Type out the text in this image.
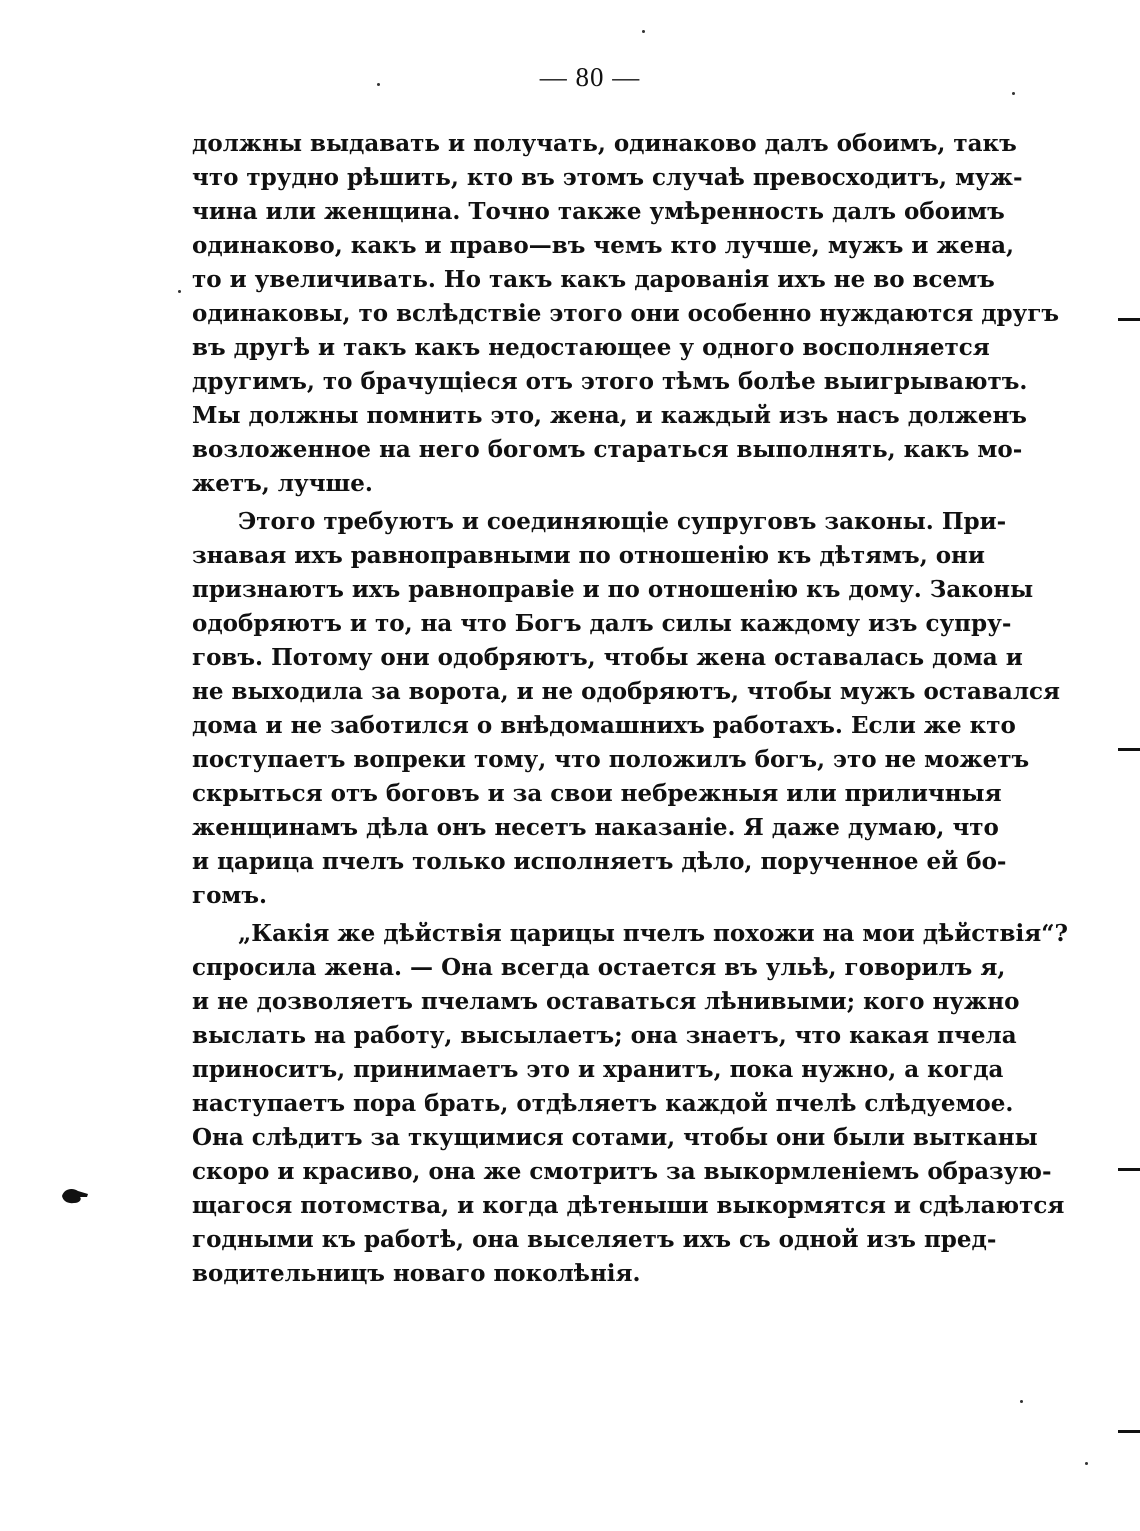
— 80 —
должны выдавать и получать, одинаково далъ обоимъ, такъ
что трудно рѣшить, кто въ этомъ случаѣ превосходитъ, муж-
чина или женщина. Точно также умѣренность далъ обоимъ
одинаково, какъ и право—въ чемъ кто лучше, мужъ и жена,
то и увеличивать. Но такъ какъ дарованія ихъ не во всемъ
одинаковы, то вслѣдствіе этого они особенно нуждаются другъ
въ другѣ и такъ какъ недостающее у одного восполняется
другимъ, то брачущіеся отъ этого тѣмъ болѣе выигрываютъ.
Мы должны помнить это, жена, и каждый изъ насъ долженъ
возложенное на него богомъ стараться выполнять, какъ мо-
жетъ, лучше.
Этого требуютъ и соединяющіе супруговъ законы. При-
знавая ихъ равноправными по отношенію къ дѣтямъ, они
признаютъ ихъ равноправіе и по отношенію къ дому. Законы
одобряютъ и то, на что Богъ далъ силы каждому изъ супру-
говъ. Потому они одобряютъ, чтобы жена оставалась дома и
не выходила за ворота, и не одобряютъ, чтобы мужъ оставался
дома и не заботился о внѣдомашнихъ работахъ. Если же кто
поступаетъ вопреки тому, что положилъ богъ, это не можетъ
скрыться отъ боговъ и за свои небрежныя или приличныя
женщинамъ дѣла онъ несетъ наказаніе. Я даже думаю, что
и царица пчелъ только исполняетъ дѣло, порученное ей бо-
гомъ.
„Какія же дѣйствія царицы пчелъ похожи на мои дѣйствія“?
спросила жена. — Она всегда остается въ ульѣ, говорилъ я,
и не дозволяетъ пчеламъ оставаться лѣнивыми; кого нужно
выслать на работу, высылаетъ; она знаетъ, что какая пчела
приноситъ, принимаетъ это и хранитъ, пока нужно, а когда
наступаетъ пора брать, отдѣляетъ каждой пчелѣ слѣдуемое.
Она слѣдитъ за ткущимися сотами, чтобы они были вытканы
скоро и красиво, она же смотритъ за выкормленіемъ образую-
щагося потомства, и когда дѣтеныши выкормятся и сдѣлаются
годными къ работѣ, она выселяетъ ихъ съ одной изъ пред-
водительницъ новаго поколѣнія.
